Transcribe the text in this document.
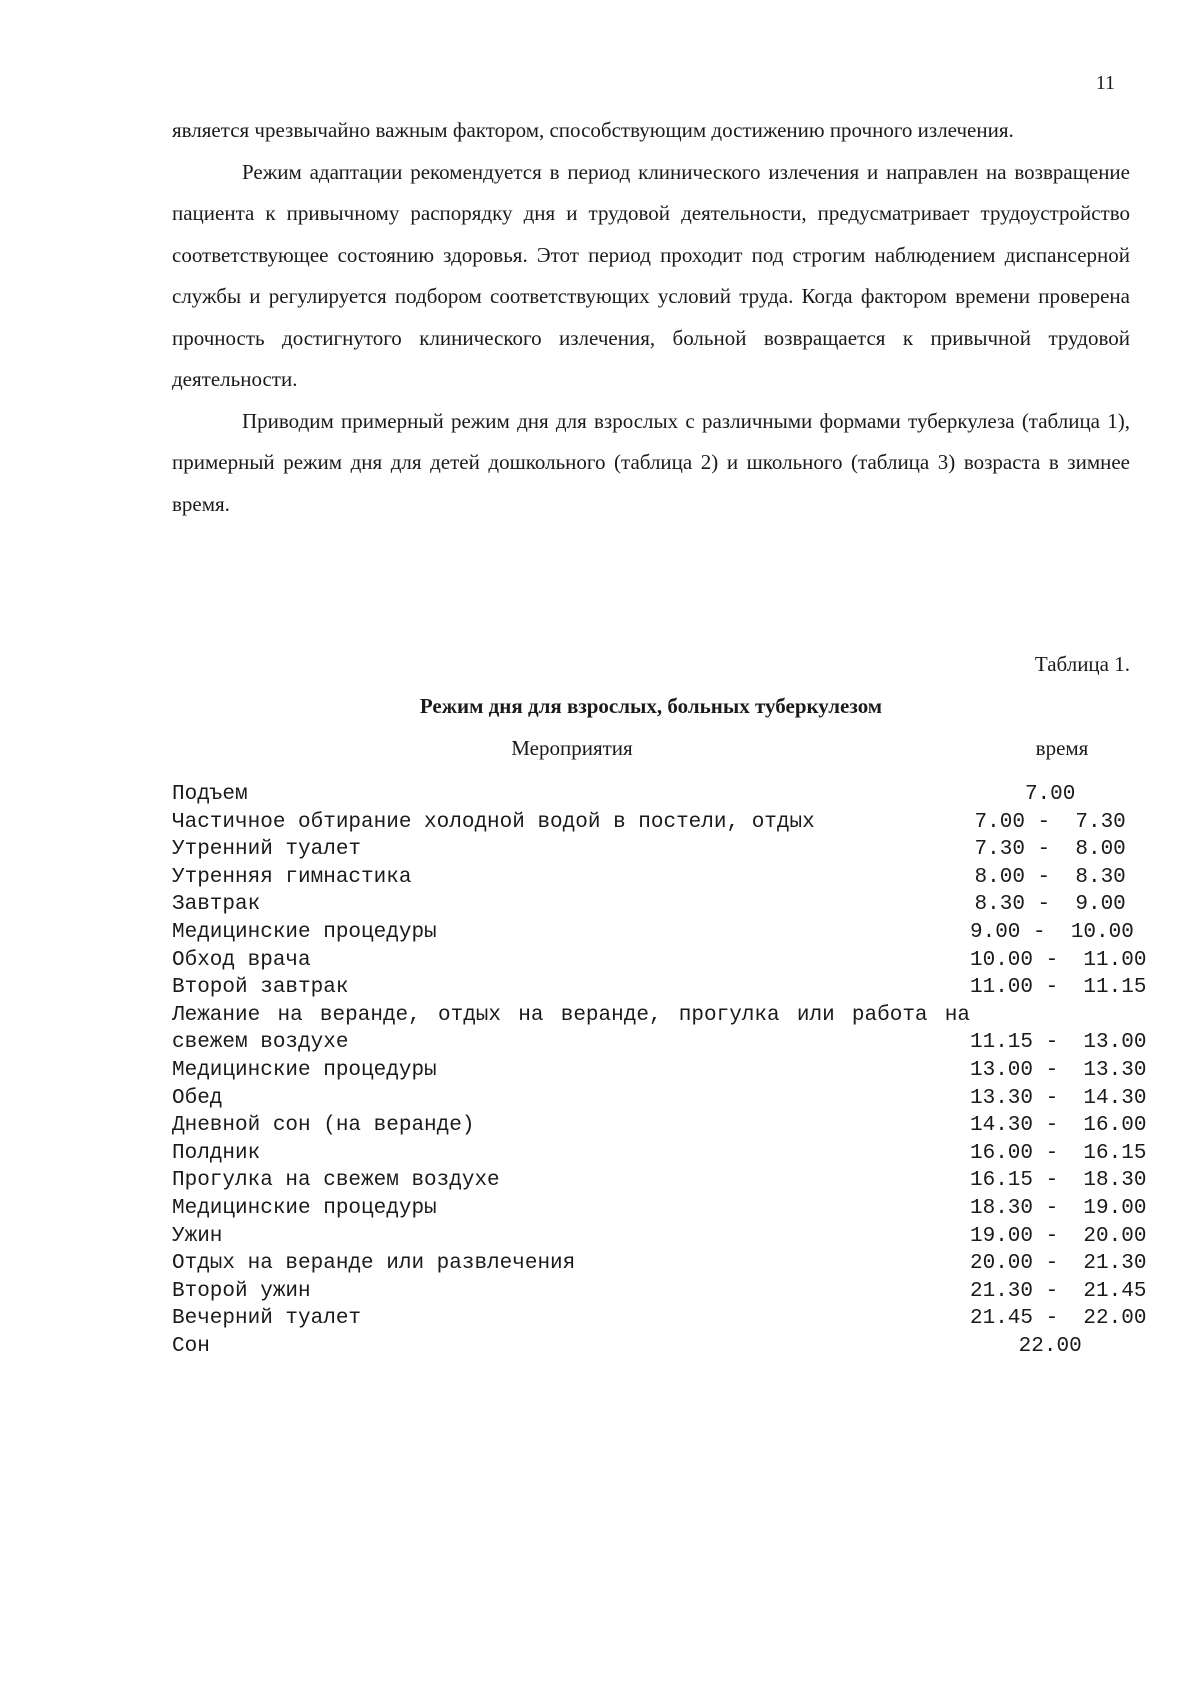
11

является чрезвычайно важным фактором, способствующим достижению прочного излечения.

Режим адаптации рекомендуется в период клинического излечения и направлен на возвращение пациента к привычному распорядку дня и трудовой деятельности, предусматривает трудоустройство соответствующее состоянию здоровья. Этот период проходит под строгим наблюдением диспансерной службы и регулируется подбором соответствующих условий труда. Когда фактором времени проверена прочность достигнутого клинического излечения, больной возвращается к привычной трудовой деятельности.

Приводим примерный режим дня для взрослых с различными формами туберкулеза (таблица 1), примерный режим дня для детей дошкольного (таблица 2) и школьного (таблица 3) возраста в зимнее время.

Таблица 1.
Режим дня для взрослых, больных туберкулезом
Мероприятия	время
Подъем	7.00
Частичное обтирание холодной водой в постели, отдых	7.00 -  7.30
Утренний туалет	7.30 -  8.00
Утренняя гимнастика	8.00 -  8.30
Завтрак	8.30 -  9.00
Медицинские процедуры	9.00 -  10.00
Обход врача	10.00 -  11.00
Второй завтрак	11.00 -  11.15
Лежание на веранде, отдых на веранде, прогулка или работа на свежем воздухе	11.15 -  13.00
Медицинские процедуры	13.00 -  13.30
Обед	13.30 -  14.30
Дневной сон (на веранде)	14.30 -  16.00
Полдник	16.00 -  16.15
Прогулка на свежем воздухе	16.15 -  18.30
Медицинские процедуры	18.30 -  19.00
Ужин	19.00 -  20.00
Отдых на веранде или развлечения	20.00 -  21.30
Второй ужин	21.30 -  21.45
Вечерний туалет	21.45 -  22.00
Сон	22.00
